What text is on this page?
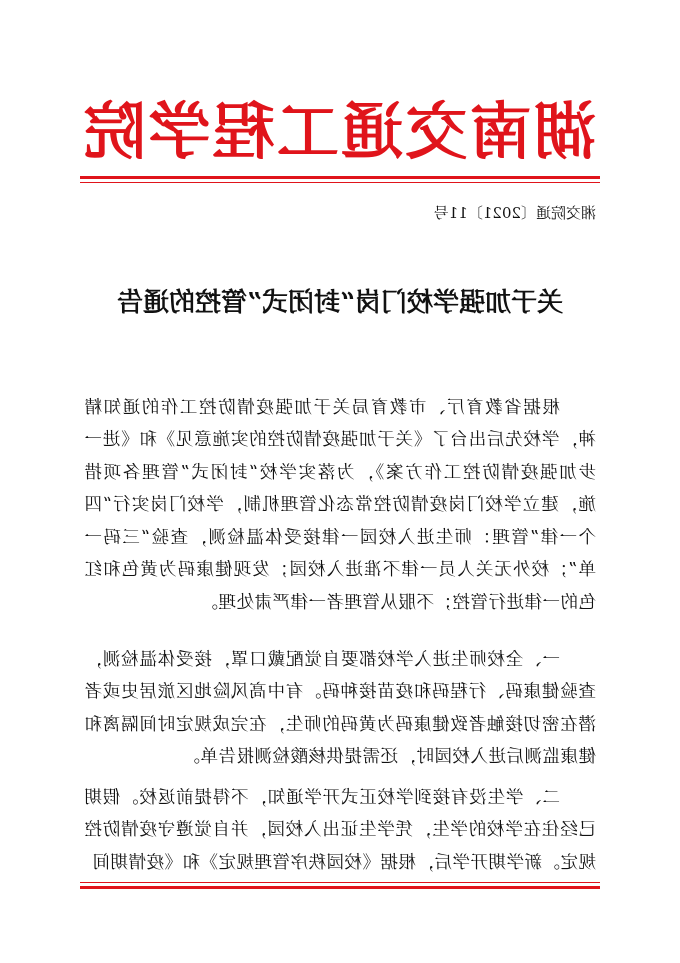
湖
南
交
通
工
程
学
院
湘交院通〔2021〕11号
关于加强学校门岗“封闭式”管控的通告

根据省教育厅、市教育局关于加强疫情防控工作的通知精神，学校先后出台了《关于加强疫情防控的实施意见》和《进一步加强疫情防控工作方案》，为落实学校“封闭式”管理各项措施，建立学校门岗疫情防控常态化管理机制，学校门岗实行“四个一律”管理：师生进入校园一律接受体温检测，查验“三码一单”；校外无关人员一律不准进入校园；发现健康码为黄色和红色的一律进行管控；不服从管理者一律严肃处理。

一、全校师生进入学校都要自觉配戴口罩，接受体温检测，查验健康码、行程码和疫苗接种码。有中高风险地区旅居史或者潜在密切接触者致健康码为黄码的师生，在完成规定时间隔离和健康监测后进入校园时，还需提供核酸检测报告单。

二、学生没有接到学校正式开学通知，不得提前返校。假期已经住在学校的学生，凭学生证出入校园，并自觉遵守疫情防控规定。新学期开学后，根据《校园秩序管理规定》和《疫情期间
